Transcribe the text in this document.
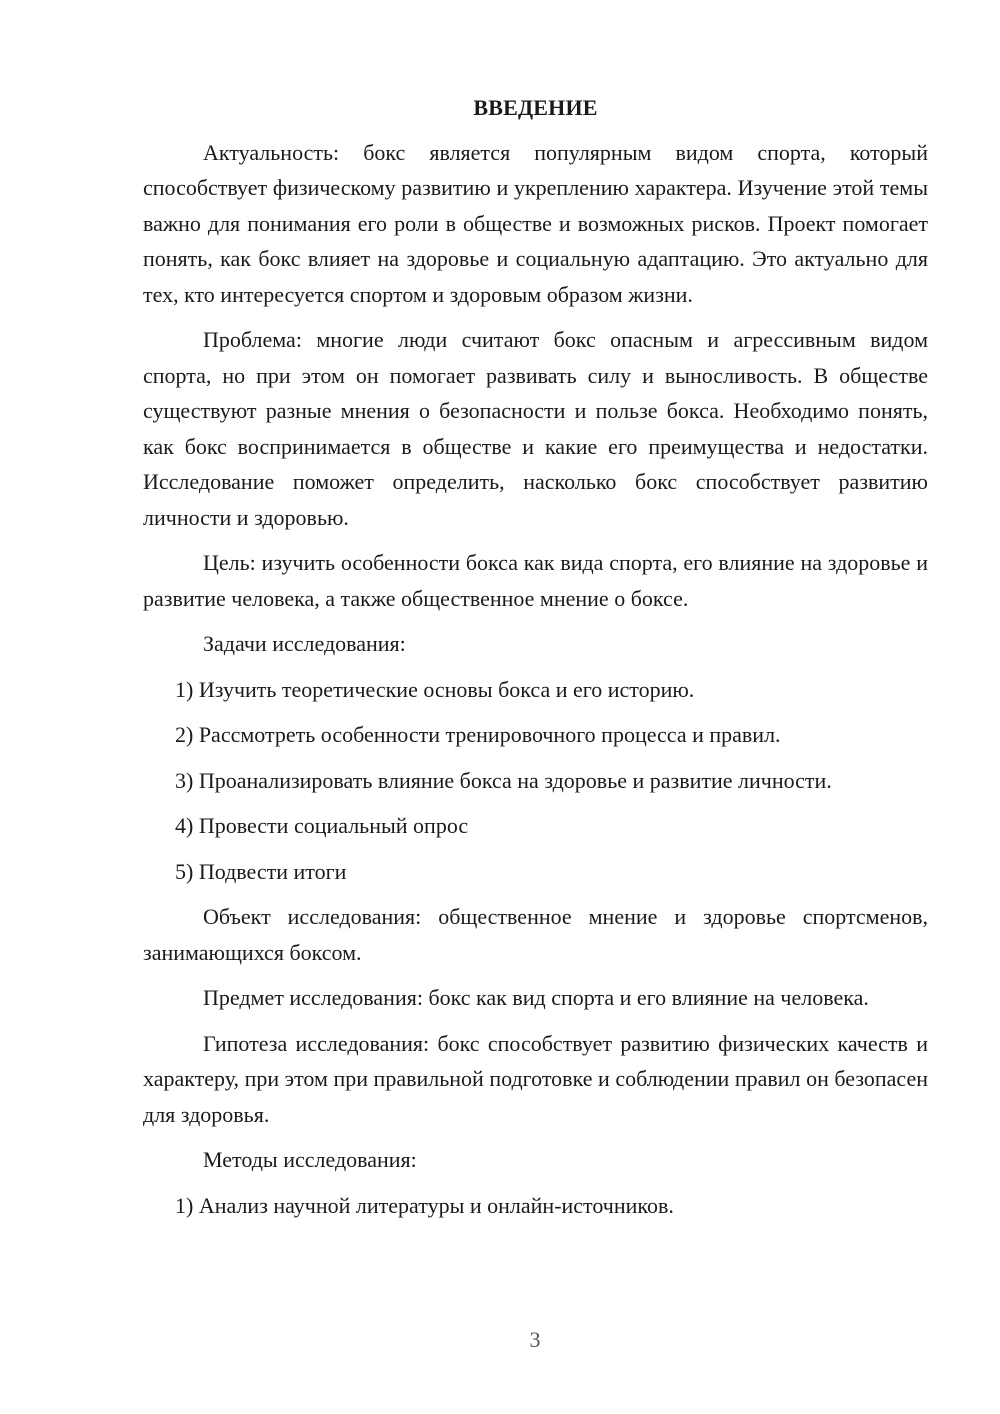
ВВЕДЕНИЕ

Актуальность: бокс является популярным видом спорта, который способствует физическому развитию и укреплению характера. Изучение этой темы важно для понимания его роли в обществе и возможных рисков. Проект помогает понять, как бокс влияет на здоровье и социальную адаптацию. Это актуально для тех, кто интересуется спортом и здоровым образом жизни.

Проблема: многие люди считают бокс опасным и агрессивным видом спорта, но при этом он помогает развивать силу и выносливость. В обществе существуют разные мнения о безопасности и пользе бокса. Необходимо понять, как бокс воспринимается в обществе и какие его преимущества и недостатки. Исследование поможет определить, насколько бокс способствует развитию личности и здоровью.

Цель: изучить особенности бокса как вида спорта, его влияние на здоровье и развитие человека, а также общественное мнение о боксе.

Задачи исследования:

1) Изучить теоретические основы бокса и его историю.
2) Рассмотреть особенности тренировочного процесса и правил.
3) Проанализировать влияние бокса на здоровье и развитие личности.
4) Провести социальный опрос
5) Подвести итоги

Объект исследования: общественное мнение и здоровье спортсменов, занимающихся боксом.

Предмет исследования: бокс как вид спорта и его влияние на человека.

Гипотеза исследования: бокс способствует развитию физических качеств и характеру, при этом при правильной подготовке и соблюдении правил он безопасен для здоровья.

Методы исследования:

1) Анализ научной литературы и онлайн-источников.
3
